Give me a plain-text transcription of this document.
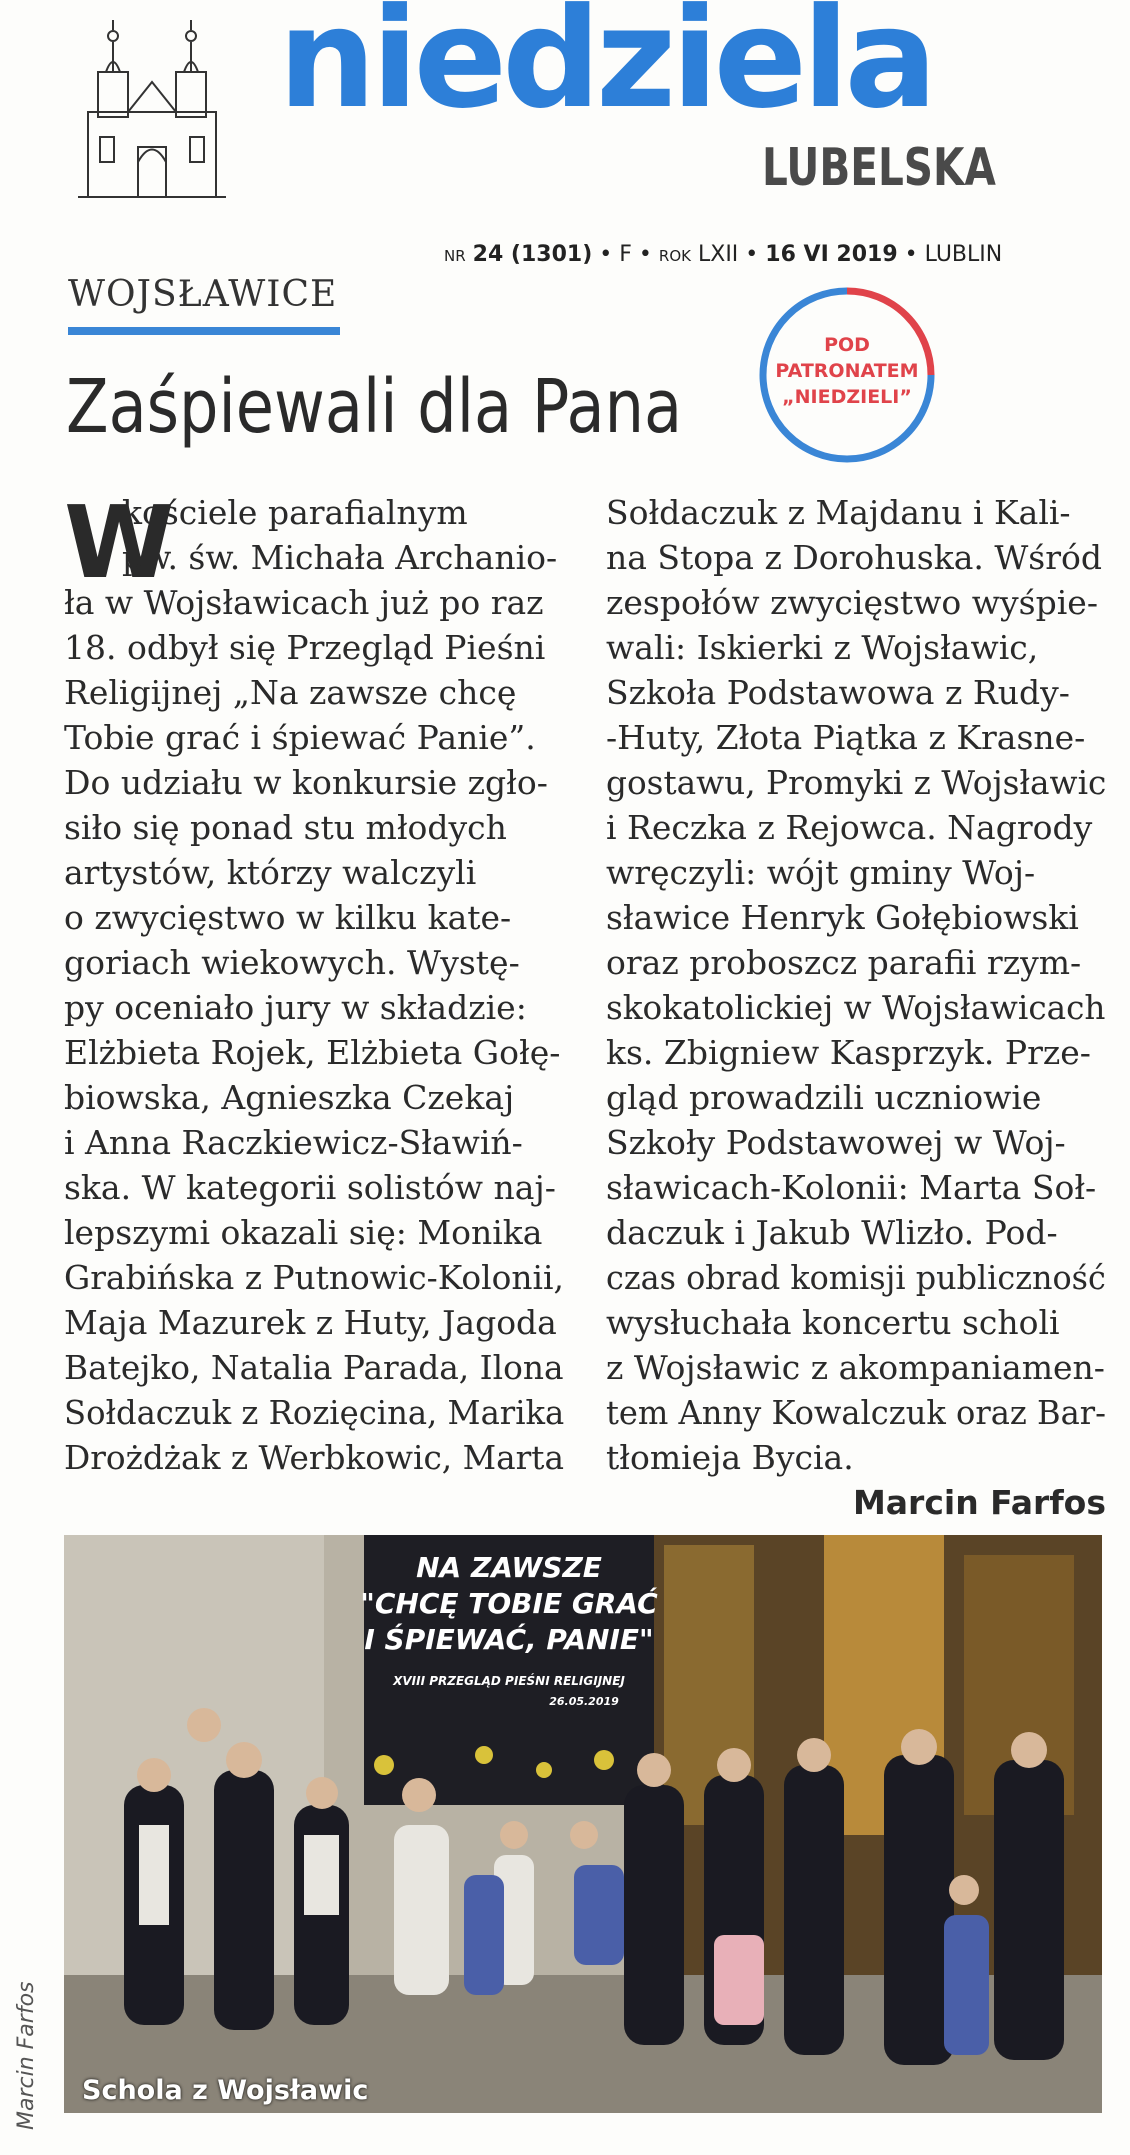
niedziela
LUBELSKA
NR 24 (1301) • F • ROK LXII • 16 VI 2019 • LUBLIN
WOJSŁAWICE
POD
PATRONATEM
„NIEDZIELI”
Zaśpiewali dla Pana
W
kościele parafialnym
pw. św. Michała Archanio-
ła w Wojsławicach już po raz
18. odbył się Przegląd Pieśni
Religijnej „Na zawsze chcę
Tobie grać i śpiewać Panie”.
Do udziału w konkursie zgło-
siło się ponad stu młodych
artystów, którzy walczyli
o zwycięstwo w kilku kate-
goriach wiekowych. Wystę-
py oceniało jury w składzie:
Elżbieta Rojek, Elżbieta Gołę-
biowska, Agnieszka Czekaj
i Anna Raczkiewicz-Sławiń-
ska. W kategorii solistów naj-
lepszymi okazali się: Monika
Grabińska z Putnowic-Kolonii,
Maja Mazurek z Huty, Jagoda
Batejko, Natalia Parada, Ilona
Sołdaczuk z Rozięcina, Marika
Drożdżak z Werbkowic, Marta
Sołdaczuk z Majdanu i Kali-
na Stopa z Dorohuska. Wśród
zespołów zwycięstwo wyśpie-
wali: Iskierki z Wojsławic,
Szkoła Podstawowa z Rudy-
-Huty, Złota Piątka z Krasne-
gostawu, Promyki z Wojsławic
i Reczka z Rejowca. Nagrody
wręczyli: wójt gminy Woj-
sławice Henryk Gołębiowski
oraz proboszcz parafii rzym-
skokatolickiej w Wojsławicach
ks. Zbigniew Kasprzyk. Prze-
gląd prowadzili uczniowie
Szkoły Podstawowej w Woj-
sławicach-Kolonii: Marta Soł-
daczuk i Jakub Wlizło. Pod-
czas obrad komisji publiczność
wysłuchała koncertu scholi
z Wojsławic z akompaniamen-
tem Anny Kowalczuk oraz Bar-
tłomieja Bycia.
Marcin Farfos
NA ZAWSZE
"CHCĘ TOBIE GRAĆ
I ŚPIEWAĆ, PANIE"
XVIII PRZEGLĄD PIEŚNI RELIGIJNEJ
26.05.2019
Schola z Wojsławic
Marcin Farfos
